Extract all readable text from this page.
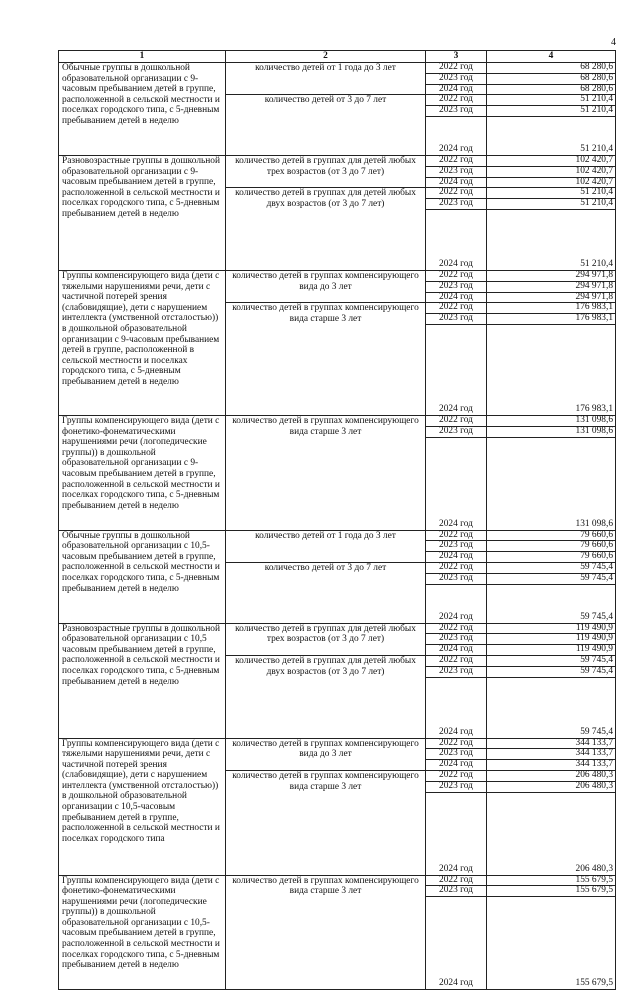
4
1	2	3	4
Обычные группы в дошкольной образовательной организации с 9-часовым пребыванием детей в группе, расположенной в сельской местности и поселках городского типа, с 5-дневным пребыванием детей в неделю	количество детей от 1 года до 3 лет	2022 год	68 280,6
		2023 год	68 280,6
		2024 год	68 280,6
	количество детей от 3 до 7 лет	2022 год	51 210,4
		2023 год	51 210,4
		2024 год	51 210,4
Разновозрастные группы в дошкольной образовательной организации с 9-часовым пребыванием детей в группе, расположенной в сельской местности и поселках городского типа, с 5-дневным пребыванием детей в неделю	количество детей в группах для детей любых трех возрастов (от 3 до 7 лет)	2022 год	102 420,7
		2023 год	102 420,7
		2024 год	102 420,7
	количество детей в группах для детей любых двух возрастов (от 3 до 7 лет)	2022 год	51 210,4
		2023 год	51 210,4
		2024 год	51 210,4
Группы компенсирующего вида (дети с тяжелыми нарушениями речи, дети с частичной потерей зрения (слабовидящие), дети с нарушением интеллекта (умственной отсталостью)) в дошкольной образовательной организации с 9-часовым пребыванием детей в группе, расположенной в сельской местности и поселках городского типа, с 5-дневным пребыванием детей в неделю	количество детей в группах компенсирующего вида до 3 лет	2022 год	294 971,8
		2023 год	294 971,8
		2024 год	294 971,8
	количество детей в группах компенсирующего вида старше 3 лет	2022 год	176 983,1
		2023 год	176 983,1
		2024 год	176 983,1
Группы компенсирующего вида (дети с фонетико-фонематическими нарушениями речи (логопедические группы)) в дошкольной образовательной организации с 9-часовым пребыванием детей в группе, расположенной в сельской местности и поселках городского типа, с 5-дневным пребыванием детей в неделю	количество детей в группах компенсирующего вида старше 3 лет	2022 год	131 098,6
		2023 год	131 098,6
		2024 год	131 098,6
Обычные группы в дошкольной образовательной организации с 10,5-часовым пребыванием детей в группе, расположенной в сельской местности и поселках городского типа, с 5-дневным пребыванием детей в неделю	количество детей от 1 года до 3 лет	2022 год	79 660,6
		2023 год	79 660,6
		2024 год	79 660,6
	количество детей от 3 до 7 лет	2022 год	59 745,4
		2023 год	59 745,4
		2024 год	59 745,4
Разновозрастные группы в дошкольной образовательной организации с 10,5 часовым пребыванием детей в группе, расположенной в сельской местности и поселках городского типа, с 5-дневным пребыванием детей в неделю	количество детей в группах для детей любых трех возрастов (от 3 до 7 лет)	2022 год	119 490,9
		2023 год	119 490,9
		2024 год	119 490,9
	количество детей в группах для детей любых двух возрастов (от 3 до 7 лет)	2022 год	59 745,4
		2023 год	59 745,4
		2024 год	59 745,4
Группы компенсирующего вида (дети с тяжелыми нарушениями речи, дети с частичной потерей зрения (слабовидящие), дети с нарушением интеллекта (умственной отсталостью)) в дошкольной образовательной организации с 10,5-часовым пребыванием детей в группе, расположенной в сельской местности и поселках городского типа	количество детей в группах компенсирующего вида до 3 лет	2022 год	344 133,7
		2023 год	344 133,7
		2024 год	344 133,7
	количество детей в группах компенсирующего вида старше 3 лет	2022 год	206 480,3
		2023 год	206 480,3
		2024 год	206 480,3
Группы компенсирующего вида (дети с фонетико-фонематическими нарушениями речи (логопедические группы)) в дошкольной образовательной организации с 10,5-часовым пребыванием детей в группе, расположенной в сельской местности и поселках городского типа, с 5-дневным пребыванием детей в неделю	количество детей в группах компенсирующего вида старше 3 лет	2022 год	155 679,5
		2023 год	155 679,5
		2024 год	155 679,5
